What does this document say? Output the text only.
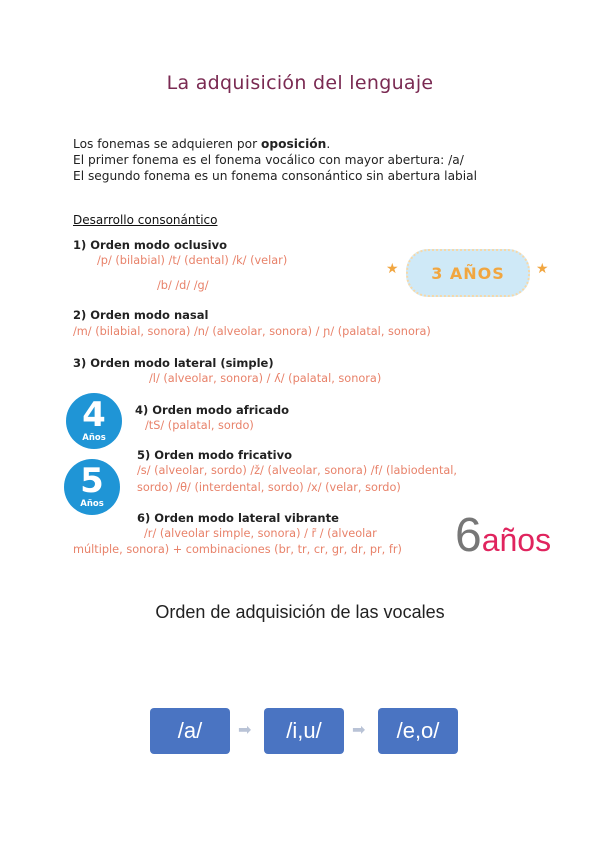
La adquisición del lenguaje
Los fonemas se adquieren por oposición.
El primer fonema es el fonema vocálico con mayor abertura: /a/
El segundo fonema es un fonema consonántico sin abertura labial
Desarrollo consonántico
1) Orden modo oclusivo
/p/ (bilabial) /t/ (dental) /k/ (velar)
/b/ /d/ /g/
★	3 AÑOS	★
2) Orden modo nasal
/m/ (bilabial, sonora) /n/ (alveolar, sonora) / ɲ/ (palatal, sonora)
3) Orden modo lateral (simple)
/l/ (alveolar, sonora) / ʎ/ (palatal, sonora)
4
Años
4) Orden modo africado
/tS/ (palatal, sordo)
5
Años
5) Orden modo fricativo
/s/ (alveolar, sordo) /ž/ (alveolar, sonora) /f/ (labiodental,
sordo) /θ/ (interdental, sordo) /x/ (velar, sordo)
6) Orden modo lateral vibrante
/r/ (alveolar simple, sonora) / r̃ / (alveolar
múltiple, sonora) + combinaciones (br, tr, cr, gr, dr, pr, fr) 6años
Orden de adquisición de las vocales
/a/	➡	/i,u/	➡	/e,o/
